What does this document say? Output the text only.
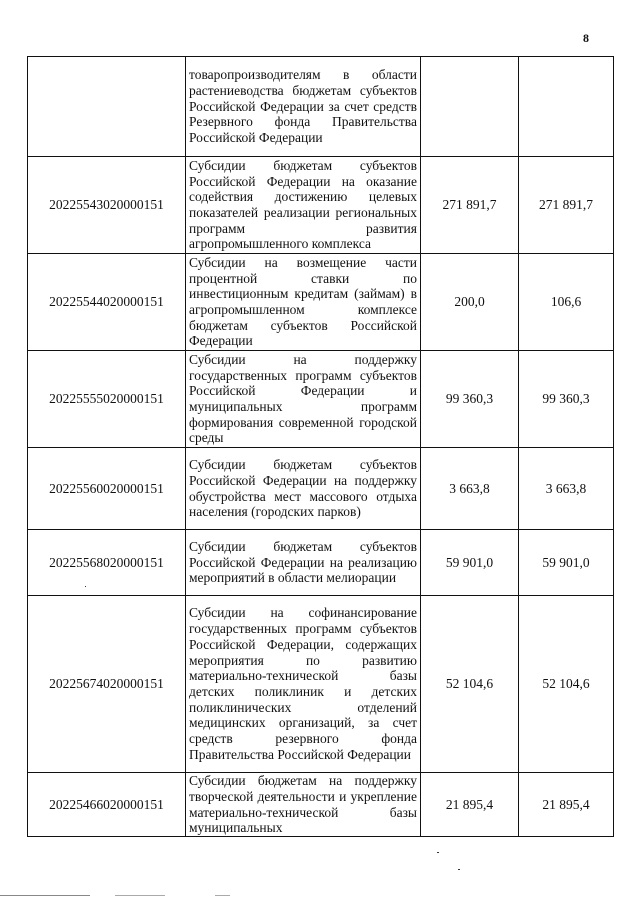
8

	товаропроизводителям в области растениеводства бюджетам субъектов Российской Федерации за счет средств Резервного фонда Правительства Российской Федерации		

20225543020000151	Субсидии бюджетам субъектов Российской Федерации на оказание содействия достижению целевых показателей реализации региональных программ развития агропромышленного комплекса	271 891,7	271 891,7
20225544020000151	Субсидии на возмещение части процентной ставки по инвестиционным кредитам (займам) в агропромышленном комплексе бюджетам субъектов Российской Федерации	200,0	106,6
20225555020000151	Субсидии на поддержку государственных программ субъектов Российской Федерации и муниципальных программ формирования современной городской среды	99 360,3	99 360,3
20225560020000151	Субсидии бюджетам субъектов Российской Федерации на поддержку обустройства мест массового отдыха населения (городских парков)	3 663,8	3 663,8
20225568020000151	Субсидии бюджетам субъектов Российской Федерации на реализацию мероприятий в области мелиорации	59 901,0	59 901,0
20225674020000151	Субсидии на софинансирование государственных программ субъектов Российской Федерации, содержащих мероприятия по развитию материально-технической базы детских поликлиник и детских поликлинических отделений медицинских организаций, за счет средств резервного фонда Правительства Российской Федерации	52 104,6	52 104,6
20225466020000151	Субсидии бюджетам на поддержку творческой деятельности и укрепление материально-технической базы муниципальных	21 895,4	21 895,4
